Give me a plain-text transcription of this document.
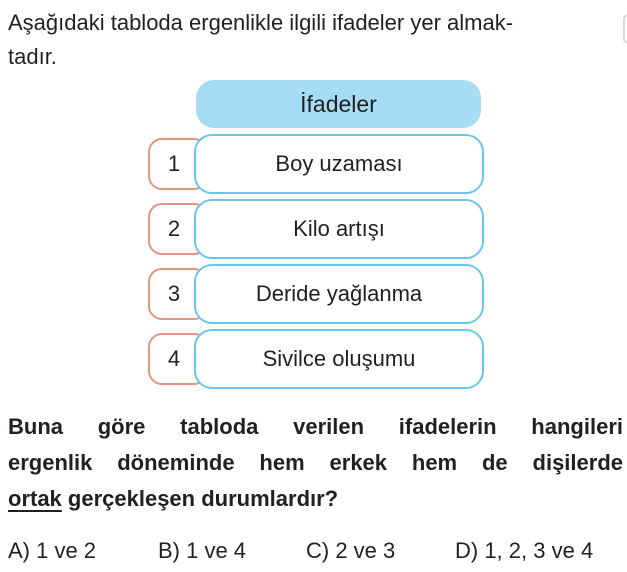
Aşağıdaki tabloda ergenlikle ilgili ifadeler yer almak-
tadır.

İfadeler
1	Boy uzaması
2	Kilo artışı
3	Deride yağlanma
4	Sivilce oluşumu

Buna göre tabloda verilen ifadelerin hangileri
ergenlik döneminde hem erkek hem de dişilerde
ortak gerçekleşen durumlardır?

A) 1 ve 2	B) 1 ve 4	C) 2 ve 3	D) 1, 2, 3 ve 4
